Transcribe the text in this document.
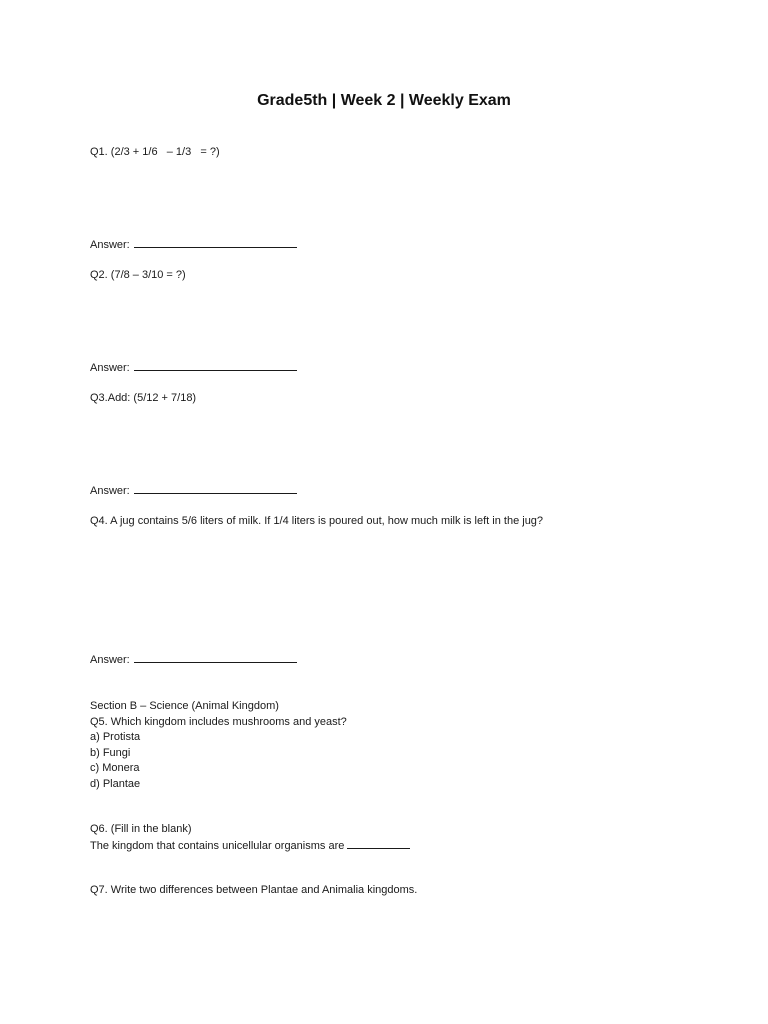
Grade5th | Week 2 | Weekly Exam
Q1. (2/3 + 1/6   – 1/3   = ?)
Answer:
Q2. (7/8 – 3/10 = ?)
Answer:
Q3.Add: (5/12 + 7/18)
Answer:
Q4. A jug contains 5/6 liters of milk. If 1/4 liters is poured out, how much milk is left in the jug?
Answer:
Section B – Science (Animal Kingdom)
Q5. Which kingdom includes mushrooms and yeast?
a) Protista
b) Fungi
c) Monera
d) Plantae
Q6. (Fill in the blank)
The kingdom that contains unicellular organisms are
Q7. Write two differences between Plantae and Animalia kingdoms.
